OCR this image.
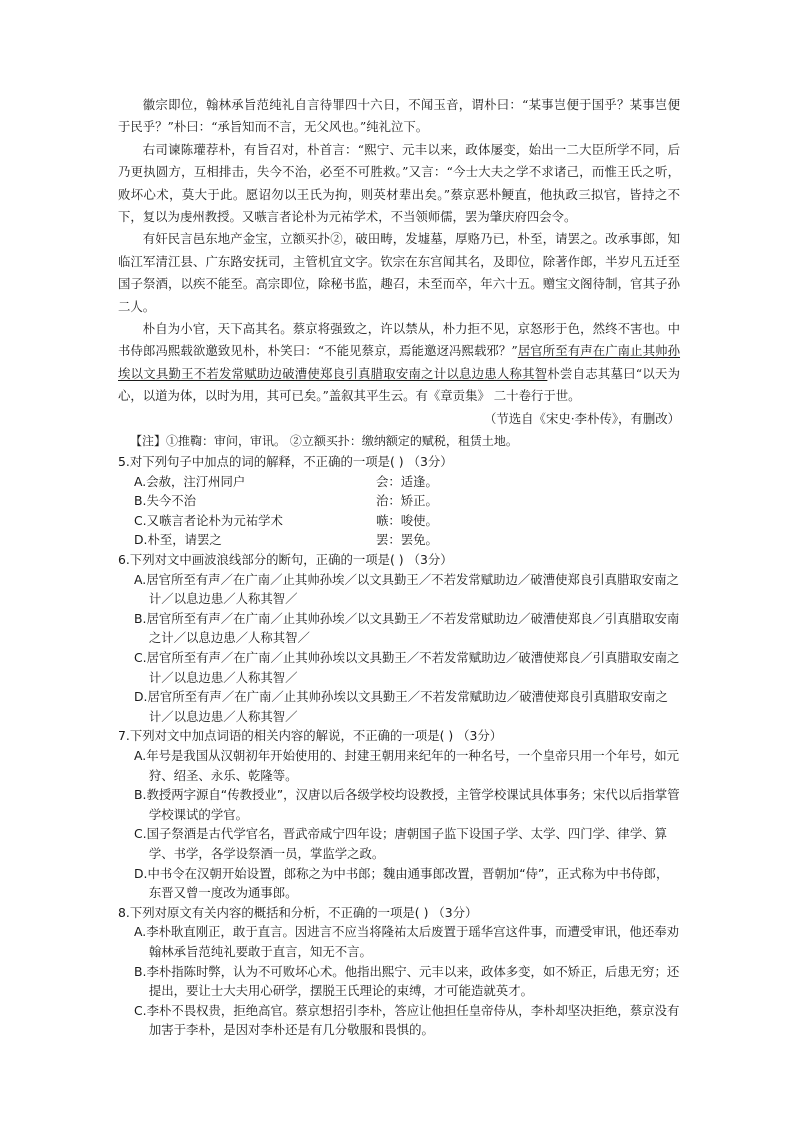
徽宗即位，翰林承旨范纯礼自言待罪四十六日，不闻玉音，谓朴曰：“某事岂便于国乎？某事岂便于民乎？”朴曰：“承旨知而不言，无父风也。”纯礼泣下。

右司谏陈瓘荐朴，有旨召对，朴首言：“熙宁、元丰以来，政体屡变，始出一二大臣所学不同，后乃更执圆方，互相排击，失今不治，必至不可胜救。”又言：“今士大夫之学不求诸己，而惟王氏之听，败坏心术，莫大于此。愿诏勿以王氏为拘，则英材辈出矣。”蔡京恶朴鲠直，他执政三拟官，皆持之不下，复以为虔州教授。又嗾言者论朴为元祐学术，不当领师儒，罢为肇庆府四会令。

有奸民言邑东地产金宝，立额买扑②，破田畴，发墟墓，厚赂乃已，朴至，请罢之。改承事郎，知临江军清江县、广东路安抚司，主管机宜文字。钦宗在东宫闻其名，及即位，除著作郎，半岁凡五迁至国子祭酒，以疾不能至。高宗即位，除秘书监，趣召，未至而卒，年六十五。赠宝文阁待制，官其子孙二人。

朴自为小官，天下高其名。蔡京将强致之，许以禁从，朴力拒不见，京怒形于色，然终不害也。中书侍郎冯熙载欲邀致见朴，朴笑曰：“不能见蔡京，焉能邀迓冯熙载邪？”居官所至有声在广南止其帅孙埃以文具勤王不若发常赋助边破漕使郑良引真腊取安南之计以息边患人称其智朴尝自志其墓曰“以天为心，以道为体，以时为用，其可已矣。”盖叙其平生云。有《章贡集》 二十卷行于世。

（节选自《宋史·李朴传》，有删改）

【注】①推鞫：审问，审讯。 ②立额买扑：缴纳额定的赋税，租赁土地。

5.对下列句子中加点的词的解释，不正确的一项是( ) （3分）

A.会赦，注汀州同户	会：适逢。
B.失今不治	治：矫正。
C.又嗾言者论朴为元祐学术	嗾：唆使。
D.朴至，请罢之	罢：罢免。

6.下列对文中画波浪线部分的断句，正确的一项是( ) （3分）

A.居官所至有声／在广南／止其帅孙埃／以文具勤王／不若发常赋助边／破漕使郑良引真腊取安南之计／以息边患／人称其智／
B.居官所至有声／在广南／止其帅孙埃／以文具勤王／不若发常赋助边／破漕使郑良／引真腊取安南之计／以息边患／人称其智／
C.居官所至有声／在广南／止其帅孙埃以文具勤王／不若发常赋助边／破漕使郑良／引真腊取安南之计／以息边患／人称其智／
D.居官所至有声／在广南／止其帅孙埃以文具勤王／不若发常赋助边／破漕使郑良引真腊取安南之计／以息边患／人称其智／

7.下列对文中加点词语的相关内容的解说，不正确的一项是( ) （3分）

A.年号是我国从汉朝初年开始使用的、封建王朝用来纪年的一种名号，一个皇帝只用一个年号，如元狩、绍圣、永乐、乾隆等。
B.教授两字源自“传教授业”，汉唐以后各级学校均设教授，主管学校课试具体事务；宋代以后指掌管学校课试的学官。
C.国子祭酒是古代学官名，晋武帝咸宁四年设；唐朝国子监下设国子学、太学、四门学、律学、算学、书学，各学设祭酒一员，掌监学之政。
D.中书令在汉朝开始设置，郎称之为中书郎；魏由通事郎改置，晋朝加“侍”，正式称为中书侍郎，东晋又曾一度改为通事郎。

8.下列对原文有关内容的概括和分析，不正确的一项是( ) （3分）

A.李朴耿直刚正，敢于直言。因进言不应当将隆祐太后废置于瑶华宫这件事，而遭受审讯，他还奉劝翰林承旨范纯礼要敢于直言，知无不言。
B.李朴指陈时弊，认为不可败坏心术。他指出熙宁、元丰以来，政体多变，如不矫正，后患无穷；还提出，要让士大夫用心研学，摆脱王氏理论的束缚，才可能造就英才。
C.李朴不畏权贵，拒绝高官。蔡京想招引李朴，答应让他担任皇帝侍从，李朴却坚决拒绝，蔡京没有加害于李朴，是因对李朴还是有几分敬服和畏惧的。
